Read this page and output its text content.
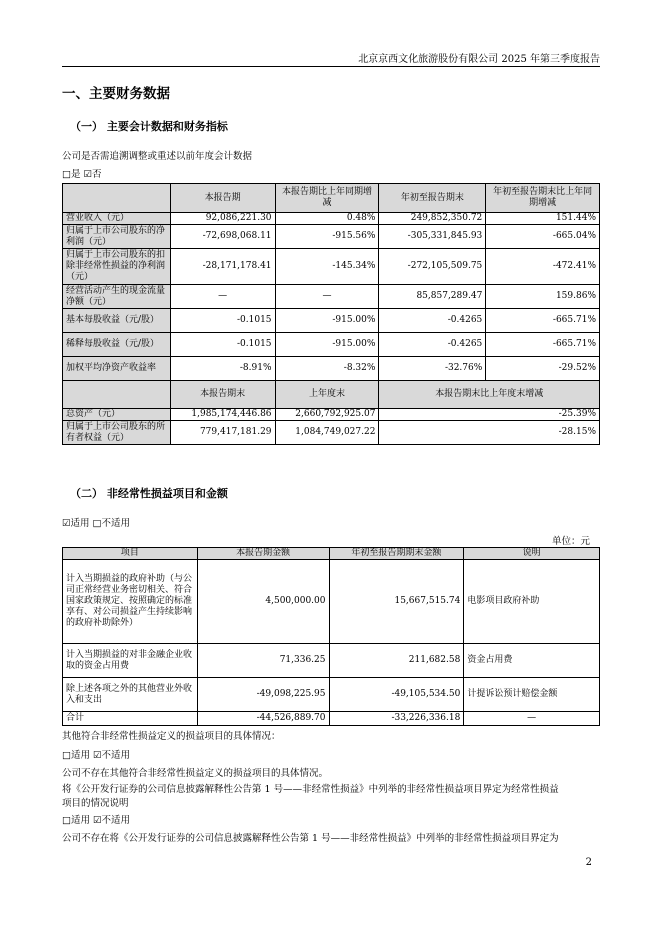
北京京西文化旅游股份有限公司 2025 年第三季度报告
一、主要财务数据
（一） 主要会计数据和财务指标
公司是否需追溯调整或重述以前年度会计数据
□是 ☑否
	本报告期	本报告期比上年同期增减	年初至报告期末	年初至报告期末比上年同期增减
营业收入（元）	92,086,221.30	0.48%	249,852,350.72	151.44%
归属于上市公司股东的净利润（元）	-72,698,068.11	-915.56%	-305,331,845.93	-665.04%
归属于上市公司股东的扣除非经常性损益的净利润（元）	-28,171,178.41	-145.34%	-272,105,509.75	-472.41%
经营活动产生的现金流量净额（元）	—	—	85,857,289.47	159.86%
基本每股收益（元/股）	-0.1015	-915.00%	-0.4265	-665.71%
稀释每股收益（元/股）	-0.1015	-915.00%	-0.4265	-665.71%
加权平均净资产收益率	-8.91%	-8.32%	-32.76%	-29.52%
	本报告期末	上年度末	本报告期末比上年度末增减	
总资产（元）	1,985,174,446.86	2,660,792,925.07	-25.39%	
归属于上市公司股东的所有者权益（元）	779,417,181.29	1,084,749,027.22	-28.15%	
（二） 非经常性损益项目和金额
☑适用 □不适用
单位：元
项目	本报告期金额	年初至报告期期末金额	说明
计入当期损益的政府补助（与公司正常经营业务密切相关、符合国家政策规定、按照确定的标准享有、对公司损益产生持续影响的政府补助除外）	4,500,000.00	15,667,515.74	电影项目政府补助
计入当期损益的对非金融企业收取的资金占用费	71,336.25	211,682.58	资金占用费
除上述各项之外的其他营业外收入和支出	-49,098,225.95	-49,105,534.50	计提诉讼预计赔偿金额
合计	-44,526,889.70	-33,226,336.18	—
其他符合非经常性损益定义的损益项目的具体情况：
□适用 ☑不适用
公司不存在其他符合非经常性损益定义的损益项目的具体情况。
将《公开发行证券的公司信息披露解释性公告第 1 号——非经常性损益》中列举的非经常性损益项目界定为经常性损益
项目的情况说明
□适用 ☑不适用
公司不存在将《公开发行证券的公司信息披露解释性公告第 1 号——非经常性损益》中列举的非经常性损益项目界定为
2
